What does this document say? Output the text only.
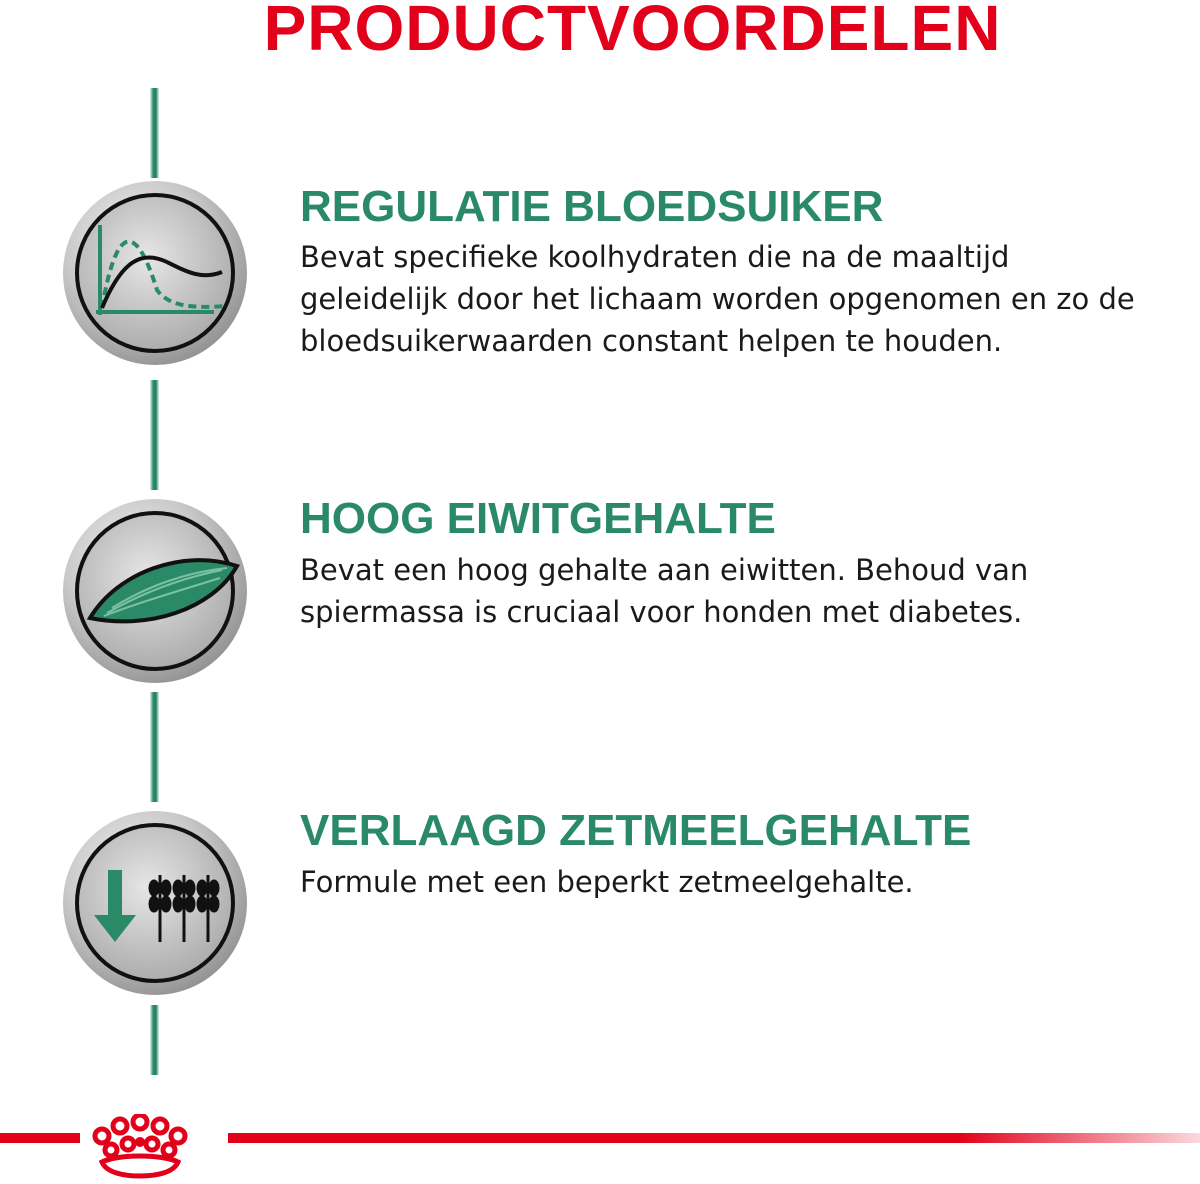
PRODUCTVOORDELEN
REGULATIE BLOEDSUIKER
Bevat specifieke koolhydraten die na de maaltijd
geleidelijk door het lichaam worden opgenomen en zo de
bloedsuikerwaarden constant helpen te houden.
HOOG EIWITGEHALTE
Bevat een hoog gehalte aan eiwitten. Behoud van
spiermassa is cruciaal voor honden met diabetes.
VERLAAGD ZETMEELGEHALTE
Formule met een beperkt zetmeelgehalte.
